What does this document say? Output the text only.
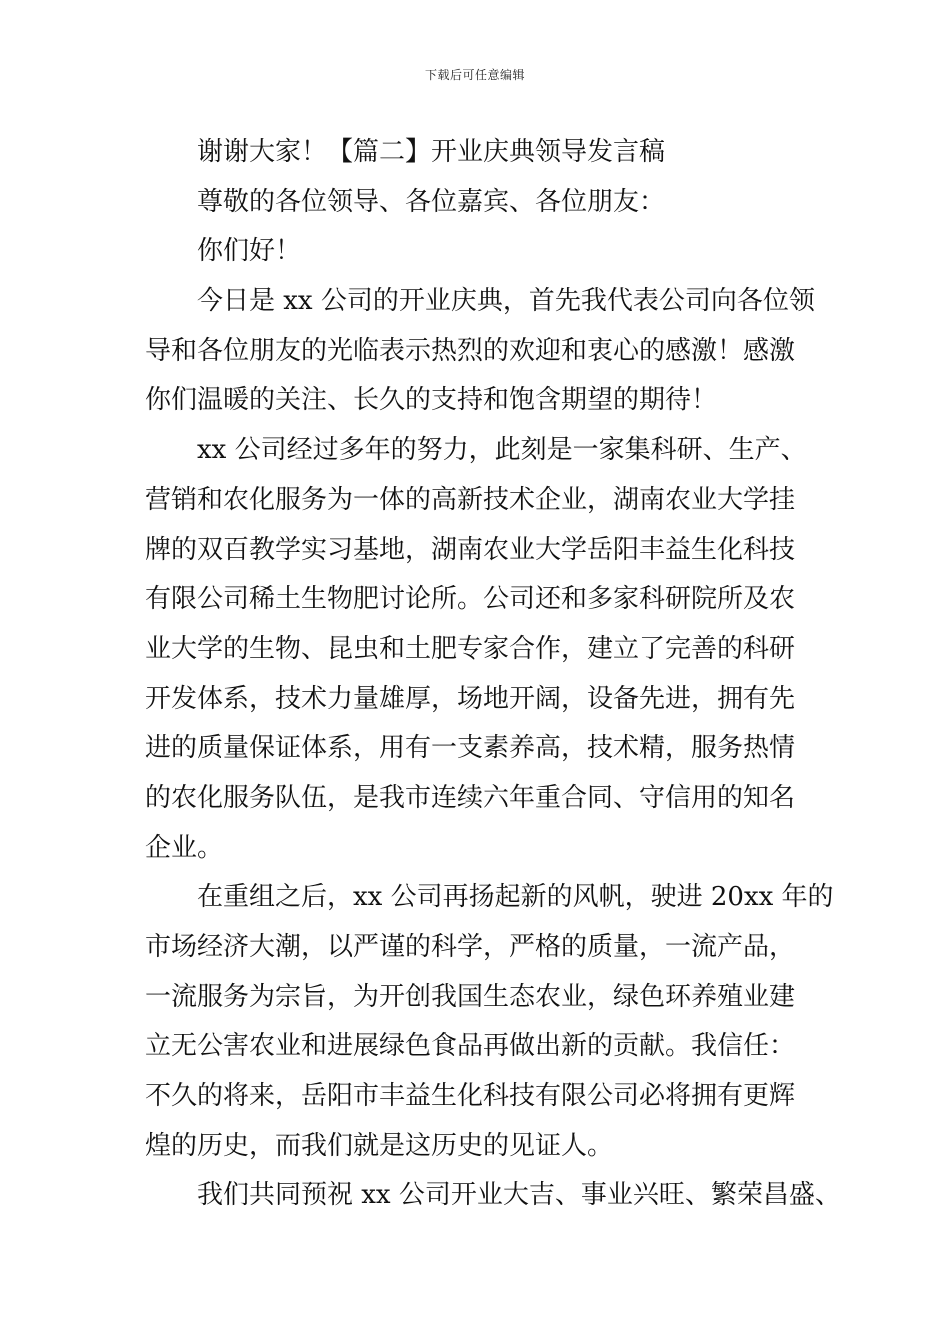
下载后可任意编辑
谢谢大家！【篇二】开业庆典领导发言稿
尊敬的各位领导、各位嘉宾、各位朋友：
你们好！
今日是 xx 公司的开业庆典，首先我代表公司向各位领
导和各位朋友的光临表示热烈的欢迎和衷心的感激！感激
你们温暖的关注、长久的支持和饱含期望的期待！
xx 公司经过多年的努力，此刻是一家集科研、生产、
营销和农化服务为一体的高新技术企业，湖南农业大学挂
牌的双百教学实习基地，湖南农业大学岳阳丰益生化科技
有限公司稀土生物肥讨论所。公司还和多家科研院所及农
业大学的生物、昆虫和土肥专家合作，建立了完善的科研
开发体系，技术力量雄厚，场地开阔，设备先进，拥有先
进的质量保证体系，用有一支素养高，技术精，服务热情
的农化服务队伍，是我市连续六年重合同、守信用的知名
企业。
在重组之后，xx 公司再扬起新的风帆，驶进 20xx 年的
市场经济大潮，以严谨的科学，严格的质量，一流产品，
一流服务为宗旨，为开创我国生态农业，绿色环养殖业建
立无公害农业和进展绿色食品再做出新的贡献。我信任：
不久的将来，岳阳市丰益生化科技有限公司必将拥有更辉
煌的历史，而我们就是这历史的见证人。
我们共同预祝 xx 公司开业大吉、事业兴旺、繁荣昌盛、
